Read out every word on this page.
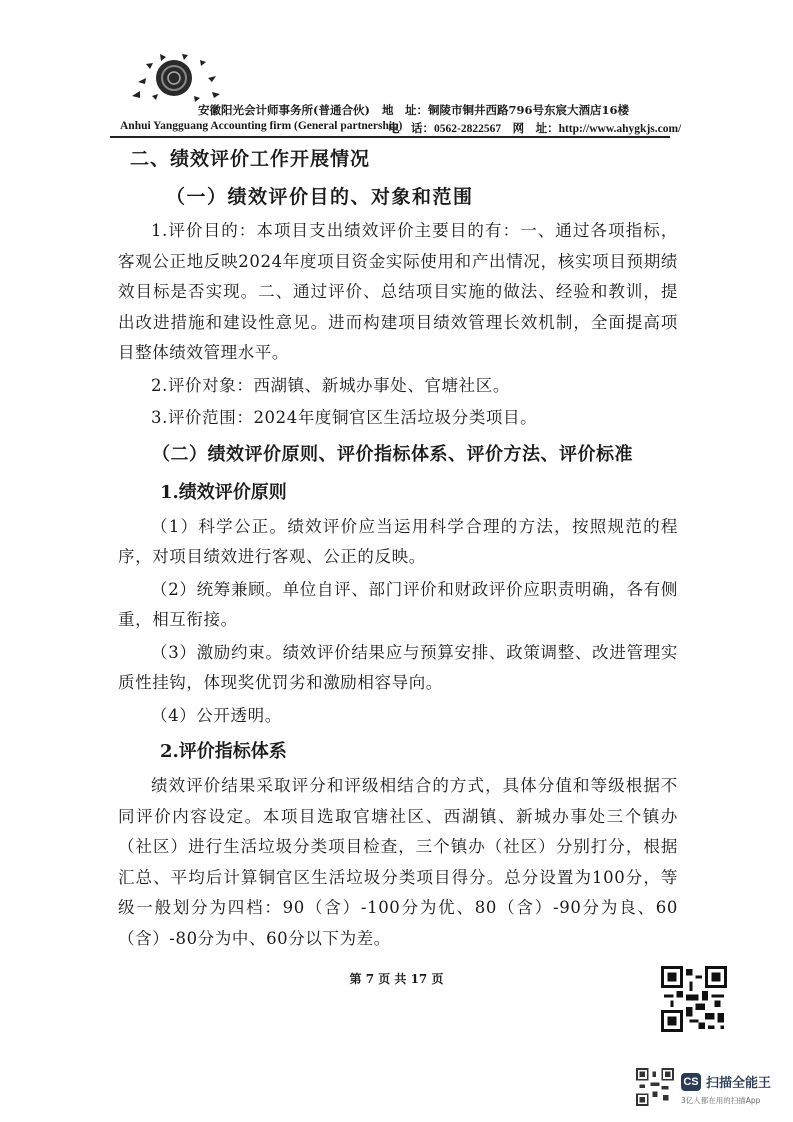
安徽阳光会计师事务所(普通合伙) 地　址：铜陵市铜井西路796号东宸大酒店16楼
Anhui Yangguang Accounting firm (General partnership)
电　话：0562-2822567　网　址：http://www.ahygkjs.com/
二、绩效评价工作开展情况
（一）绩效评价目的、对象和范围

1.评价目的：本项目支出绩效评价主要目的有：一、通过各项指标，客观公正地反映2024年度项目资金实际使用和产出情况，核实项目预期绩效目标是否实现。二、通过评价、总结项目实施的做法、经验和教训，提出改进措施和建设性意见。进而构建项目绩效管理长效机制，全面提高项目整体绩效管理水平。

2.评价对象：西湖镇、新城办事处、官塘社区。

3.评价范围：2024年度铜官区生活垃圾分类项目。

（二）绩效评价原则、评价指标体系、评价方法、评价标准
1.绩效评价原则

（1）科学公正。绩效评价应当运用科学合理的方法，按照规范的程序，对项目绩效进行客观、公正的反映。

（2）统筹兼顾。单位自评、部门评价和财政评价应职责明确，各有侧重，相互衔接。

（3）激励约束。绩效评价结果应与预算安排、政策调整、改进管理实质性挂钩，体现奖优罚劣和激励相容导向。

（4）公开透明。

2.评价指标体系

绩效评价结果采取评分和评级相结合的方式，具体分值和等级根据不同评价内容设定。本项目选取官塘社区、西湖镇、新城办事处三个镇办（社区）进行生活垃圾分类项目检查，三个镇办（社区）分别打分，根据汇总、平均后计算铜官区生活垃圾分类项目得分。总分设置为100分，等级一般划分为四档：90（含）-100分为优、80（含）-90分为良、60（含）-80分为中、60分以下为差。

第 7 页 共 17 页
CS 扫描全能王
3亿人都在用的扫描App
